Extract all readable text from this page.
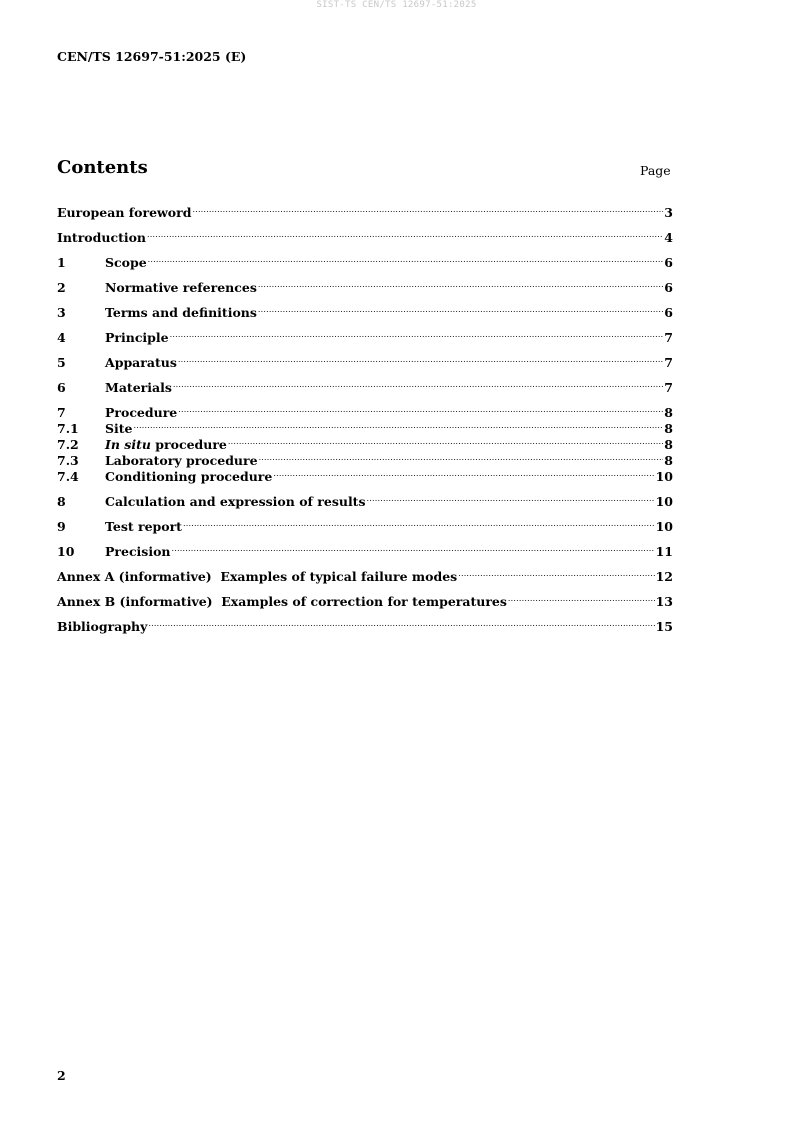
SIST-TS CEN/TS 12697-51:2025
CEN/TS 12697-51:2025 (E)
Contents	Page
European foreword .....	3
Introduction .....	4
1	Scope .....	6
2	Normative references .....	6
3	Terms and definitions .....	6
4	Principle .....	7
5	Apparatus .....	7
6	Materials .....	7
7	Procedure .....	8
7.1	Site .....	8
7.2	In situ procedure .....	8
7.3	Laboratory procedure .....	8
7.4	Conditioning procedure .....	10
8	Calculation and expression of results .....	10
9	Test report .....	10
10	Precision .....	11
Annex A (informative)  Examples of typical failure modes .....	12
Annex B (informative)  Examples of correction for temperatures .....	13
Bibliography .....	15
2
